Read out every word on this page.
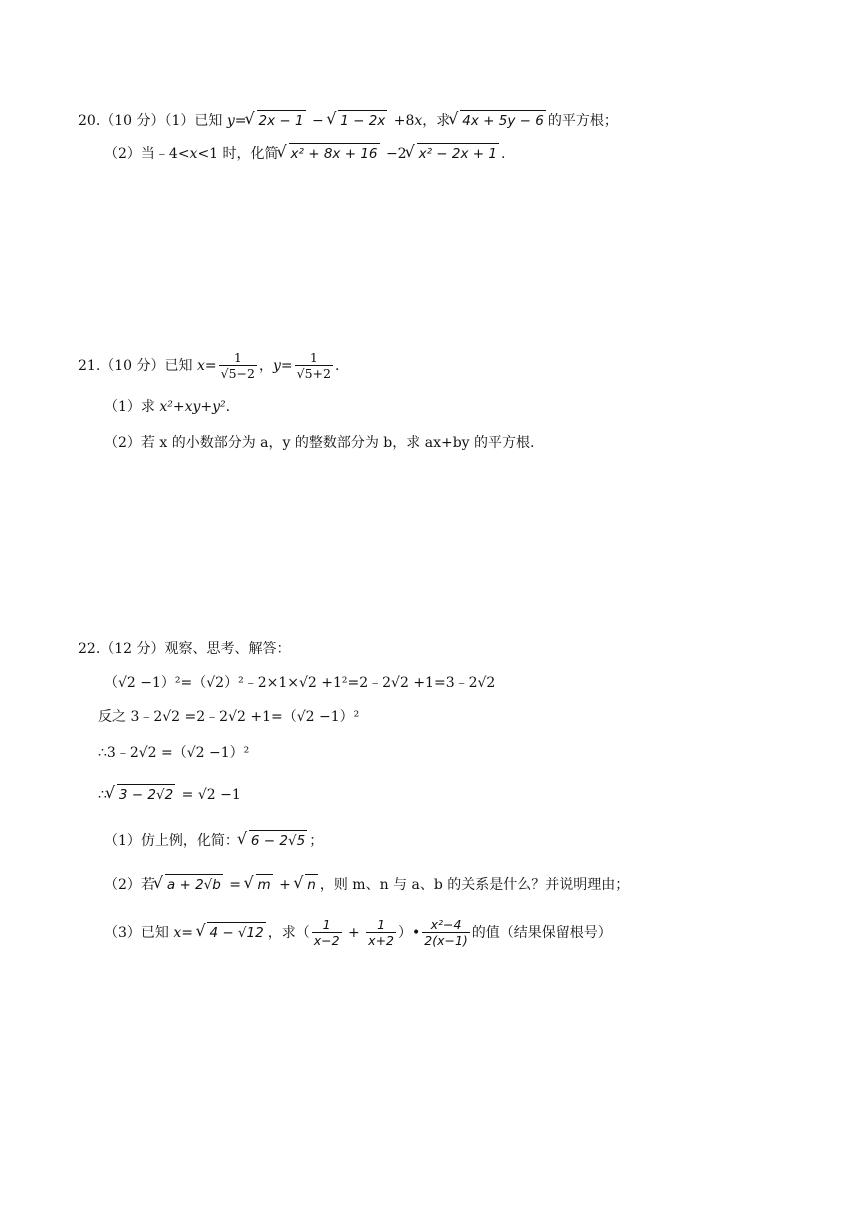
20.（10 分）（1）已知 y= √ 2x − 1 − √ 1 − 2x +8x，求 √ 4x + 5y − 6 的平方根；
（2）当﹣4<x<1 时，化简 √ x² + 8x + 16 −2 √ x² − 2x + 1 .
21.（10 分）已知 $x= \frac{1}{√5-2}$ ，$y= \frac{1}{√5+2}$ .
（1）求 x²+xy+y².
（2）若 x 的小数部分为 a，y 的整数部分为 b，求 ax+by 的平方根.
22.（12 分）观察、思考、解答：
（√2 −1）²=（√2）²﹣2×1×√2 +1²=2﹣2√2 +1=3﹣2√2
反之 3﹣2√2 =2﹣2√2 +1=（√2 −1）²
∴3﹣2√2 =（√2 −1）²
∴ √ 3 − 2√2 = √2 −1
（1）仿上例，化简： √ 6 − 2√5 ；
（2）若 √ a + 2√b = √ m + √ n ，则 m、n 与 a、b 的关系是什么？并说明理由；
（3）已知 x= √ 4 − √12 ，求（ $\frac{1}{x-2} + \frac{1}{x+2}$ ）• $\frac{\text{x²−4}}{2(x-1)}$ 的值（结果保留根号）
